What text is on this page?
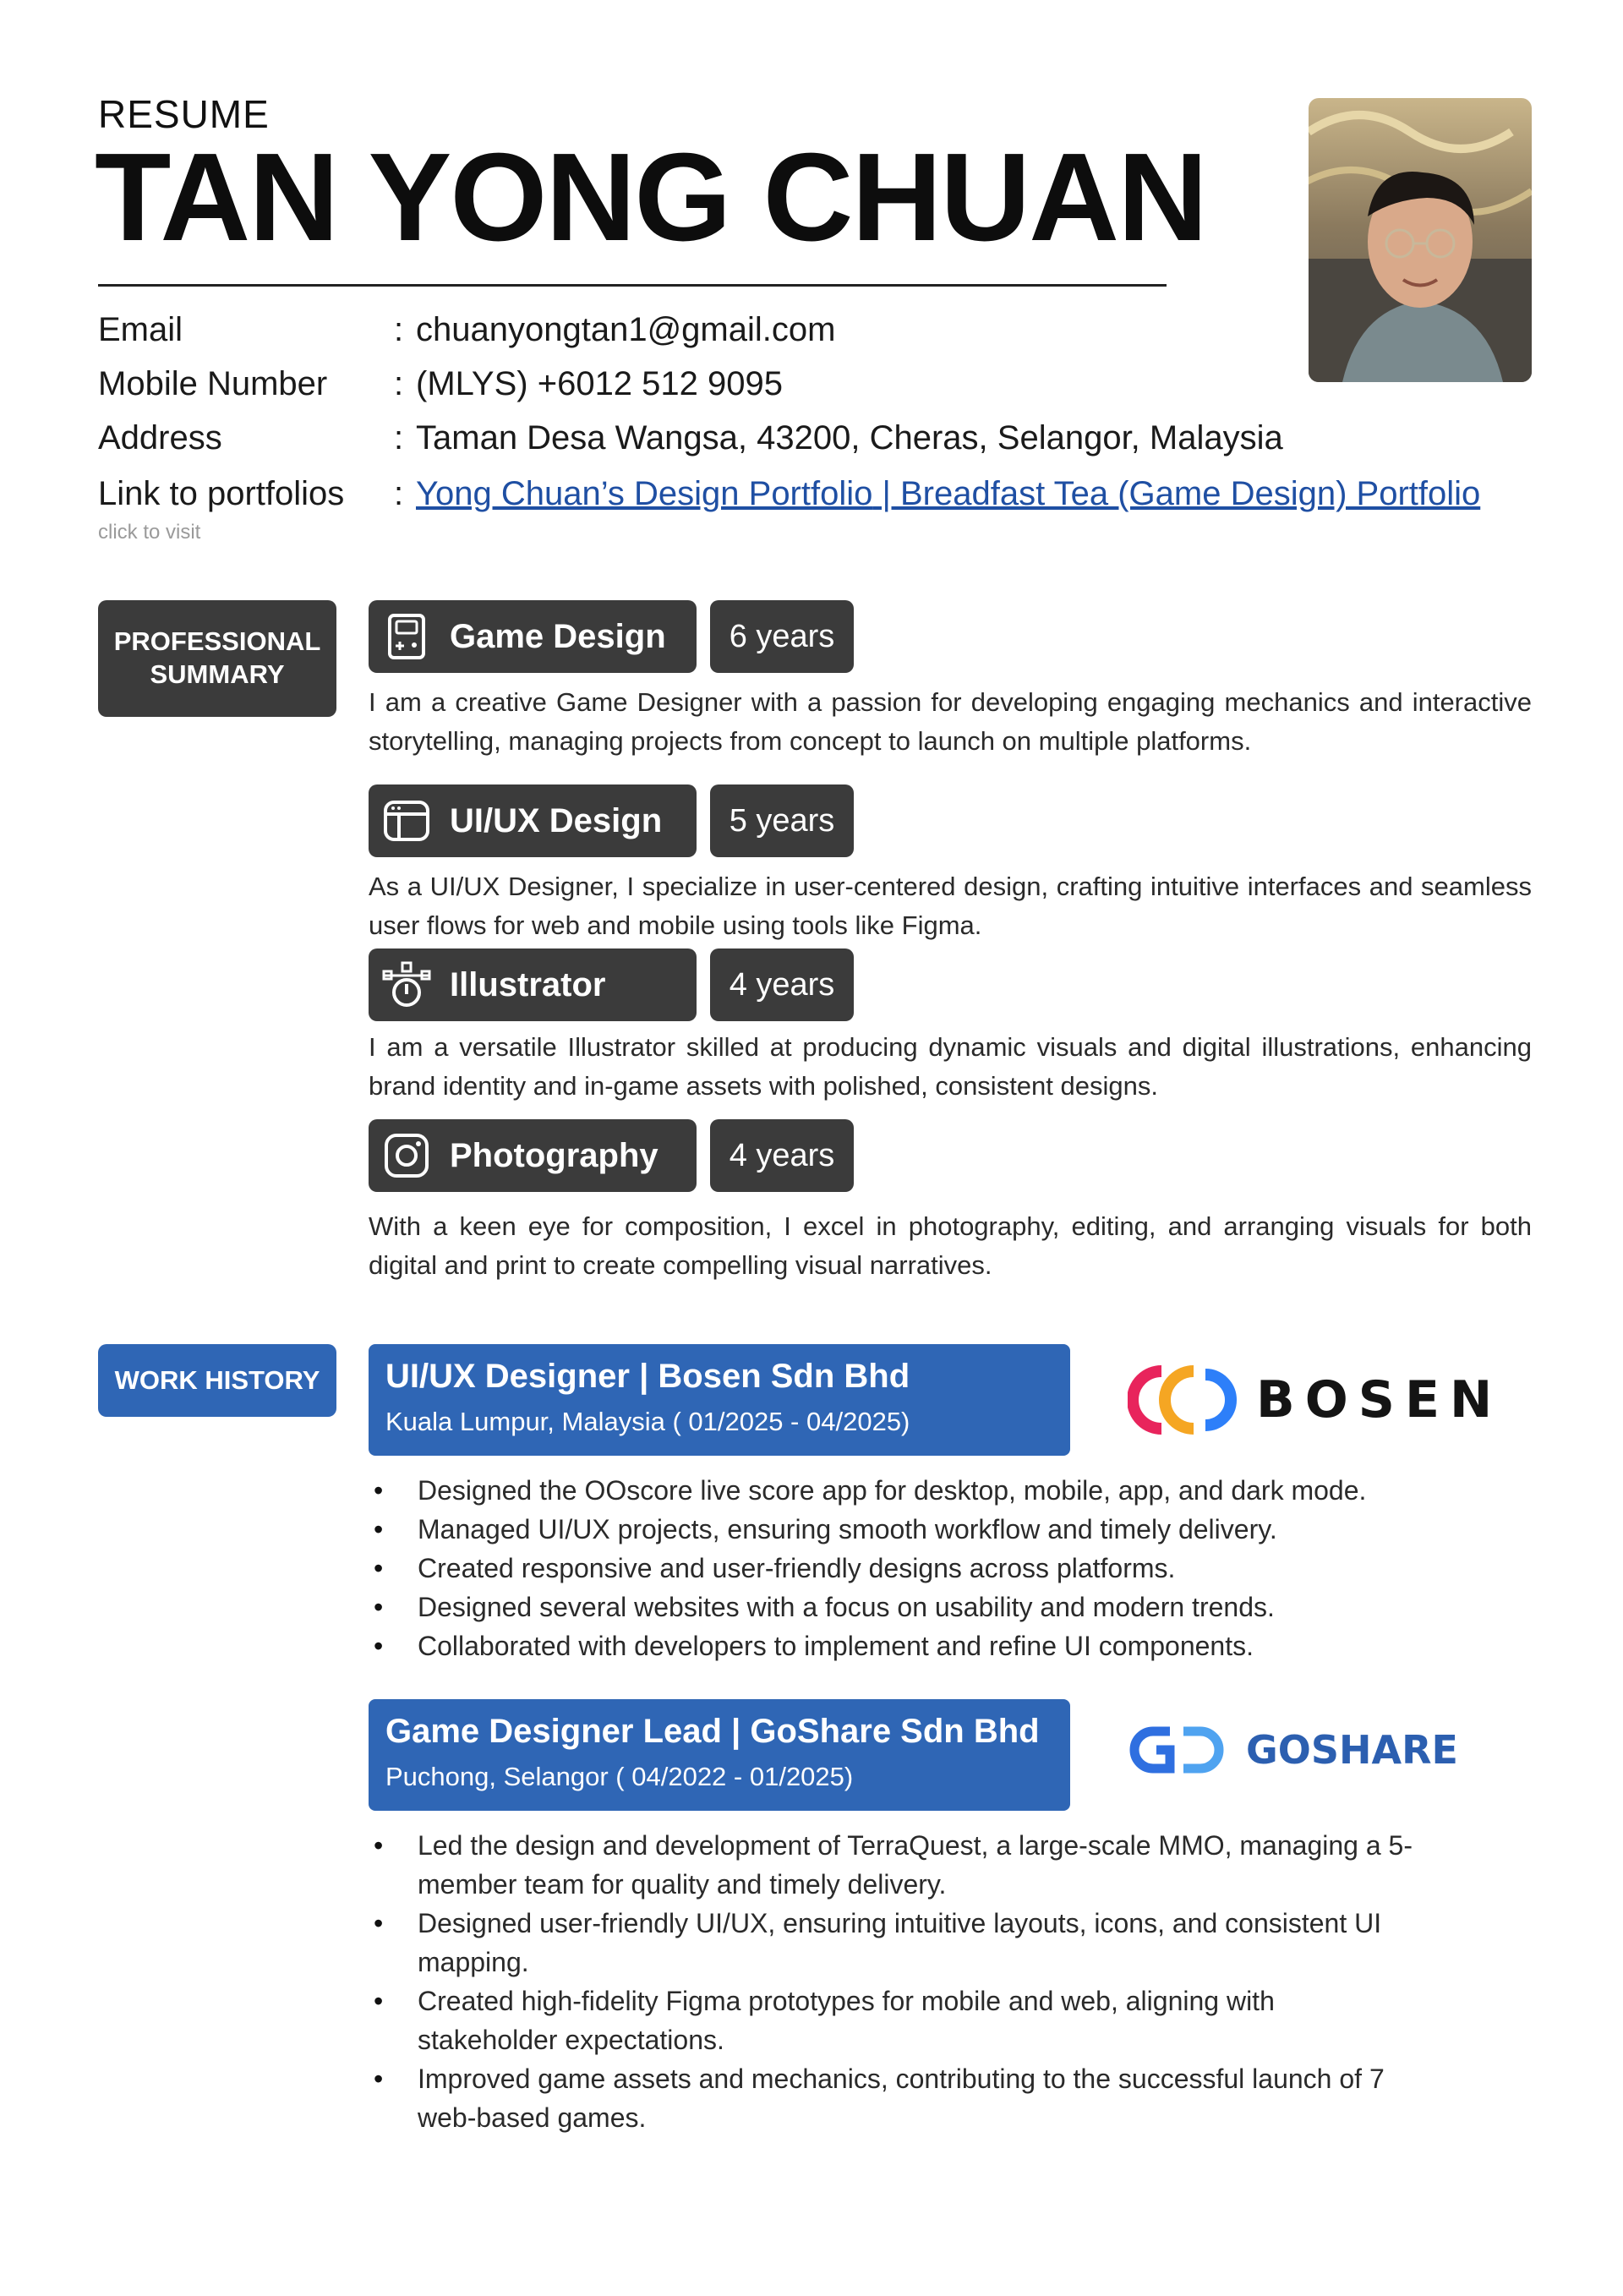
RESUME
TAN YONG CHUAN
Email	: chuanyongtan1@gmail.com
Mobile Number : (MLYS) +6012 512 9095
Address	: Taman Desa Wangsa, 43200, Cheras, Selangor, Malaysia
Link to portfolios : Yong Chuan’s Design Portfolio | Breadfast Tea (Game Design) Portfolio
click to visit
PROFESSIONAL
SUMMARY
Game Design	6 years
I am a creative Game Designer with a passion for developing engaging mechanics and interactive storytelling, managing projects from concept to launch on multiple platforms.
UI/UX Design	5 years
As a UI/UX Designer, I specialize in user-centered design, crafting intuitive interfaces and seamless user flows for web and mobile using tools like Figma.
Illustrator	4 years
I am a versatile Illustrator skilled at producing dynamic visuals and digital illustrations, enhancing brand identity and in-game assets with polished, consistent designs.
Photography	4 years
With a keen eye for composition, I excel in photography, editing, and arranging visuals for both digital and print to create compelling visual narratives.
WORK HISTORY	UI/UX Designer | Bosen Sdn Bhd
Kuala Lumpur, Malaysia ( 01/2025 - 04/2025)	BOSEN
• Designed the OOscore live score app for desktop, mobile, app, and dark mode.
• Managed UI/UX projects, ensuring smooth workflow and timely delivery.
• Created responsive and user-friendly designs across platforms.
• Designed several websites with a focus on usability and modern trends.
• Collaborated with developers to implement and refine UI components.
Game Designer Lead | GoShare Sdn Bhd
Puchong, Selangor ( 04/2022 - 01/2025)
GOSHARE
• Led the design and development of TerraQuest, a large-scale MMO, managing a 5-member team for quality and timely delivery.
• Designed user-friendly UI/UX, ensuring intuitive layouts, icons, and consistent UI mapping.
• Created high-fidelity Figma prototypes for mobile and web, aligning with stakeholder expectations.
• Improved game assets and mechanics, contributing to the successful launch of 7 web-based games.
